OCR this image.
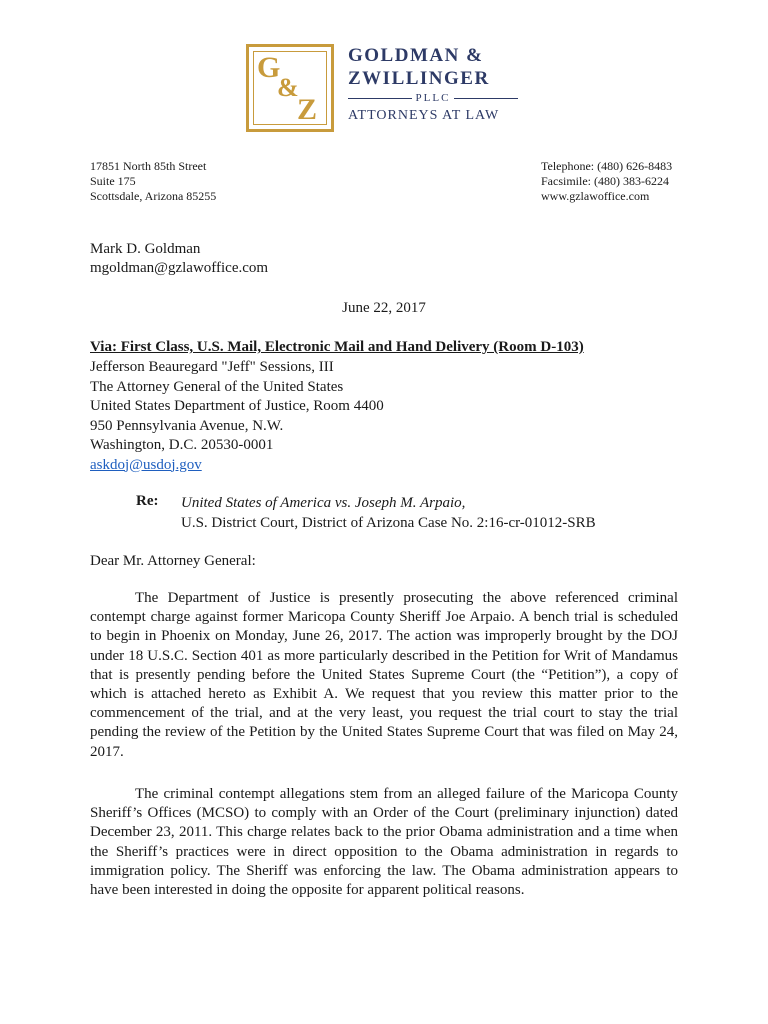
G
&
Z
GOLDMAN &
ZWILLINGER
PLLC
ATTORNEYS AT LAW
17851 North 85th Street
Suite 175
Scottsdale, Arizona 85255
Telephone: (480) 626-8483
Facsimile: (480) 383-6224
www.gzlawoffice.com
Mark D. Goldman
mgoldman@gzlawoffice.com
June 22, 2017
Via: First Class, U.S. Mail, Electronic Mail and Hand Delivery (Room D-103)
Jefferson Beauregard "Jeff" Sessions, III
The Attorney General of the United States
United States Department of Justice, Room 4400
950 Pennsylvania Avenue, N.W.
Washington, D.C. 20530-0001
askdoj@usdoj.gov
Re: United States of America vs. Joseph M. Arpaio,
U.S. District Court, District of Arizona Case No. 2:16-cr-01012-SRB
Dear Mr. Attorney General:
The Department of Justice is presently prosecuting the above referenced criminal contempt charge against former Maricopa County Sheriff Joe Arpaio. A bench trial is scheduled to begin in Phoenix on Monday, June 26, 2017. The action was improperly brought by the DOJ under 18 U.S.C. Section 401 as more particularly described in the Petition for Writ of Mandamus that is presently pending before the United States Supreme Court (the “Petition”), a copy of which is attached hereto as Exhibit A. We request that you review this matter prior to the commencement of the trial, and at the very least, you request the trial court to stay the trial pending the review of the Petition by the United States Supreme Court that was filed on May 24, 2017.
The criminal contempt allegations stem from an alleged failure of the Maricopa County Sheriff’s Offices (MCSO) to comply with an Order of the Court (preliminary injunction) dated December 23, 2011. This charge relates back to the prior Obama administration and a time when the Sheriff’s practices were in direct opposition to the Obama administration in regards to immigration policy. The Sheriff was enforcing the law. The Obama administration appears to have been interested in doing the opposite for apparent political reasons.
